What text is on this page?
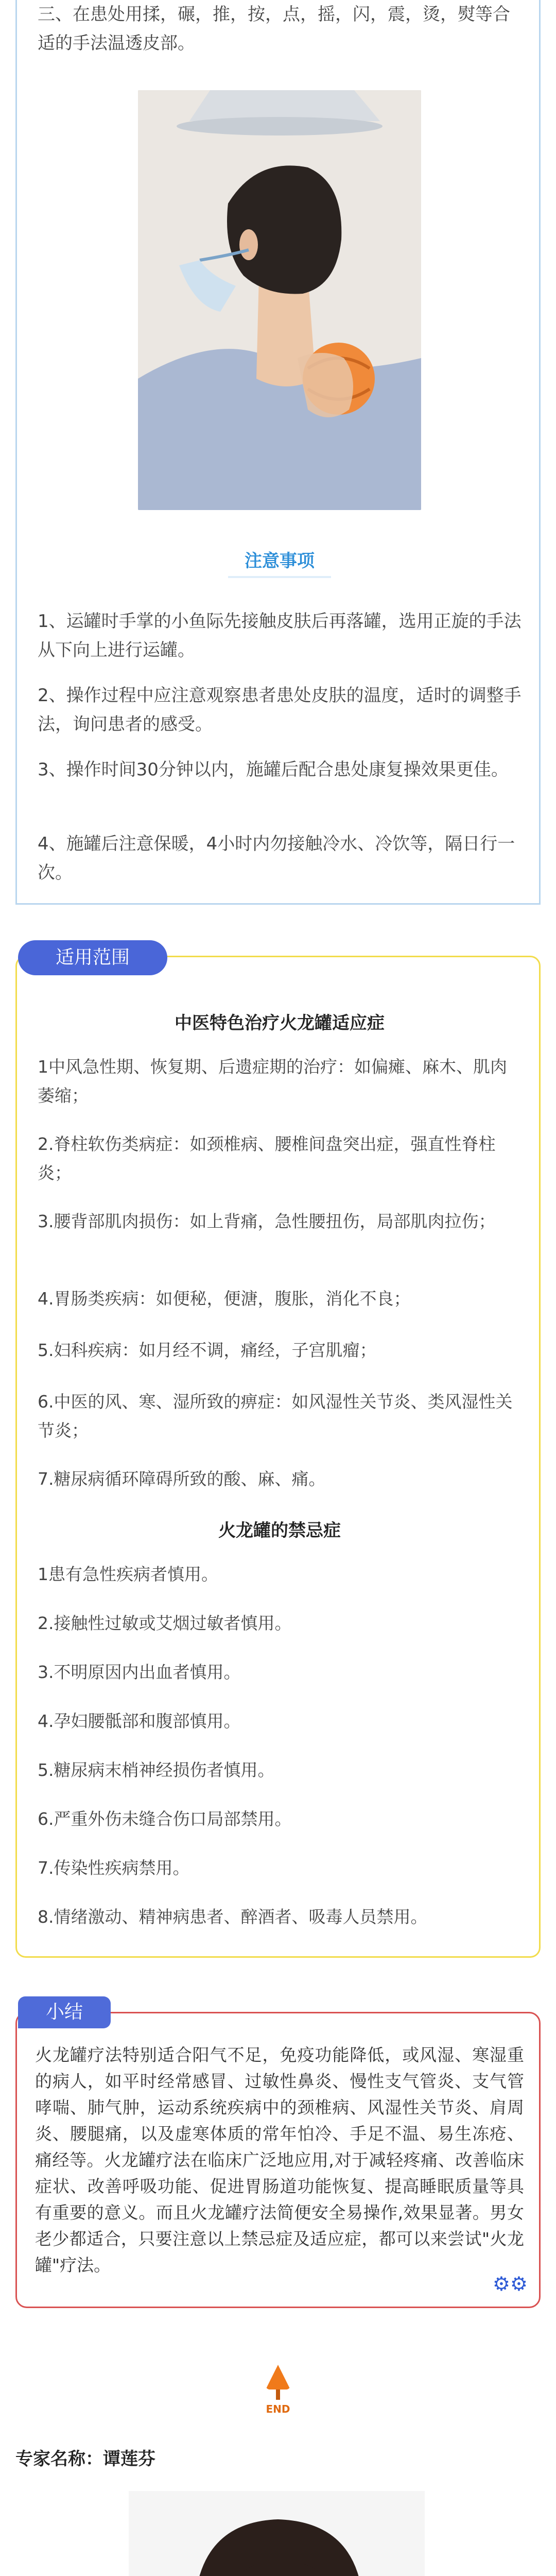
三、在患处用揉，碾，推，按，点，摇，闪，震，烫，熨等合适的手法温透皮部。
注意事项
1、运罐时手掌的小鱼际先接触皮肤后再落罐，选用正旋的手法从下向上进行运罐。
2、操作过程中应注意观察患者患处皮肤的温度，适时的调整手法，询问患者的感受。
3、操作时间30分钟以内，施罐后配合患处康复操效果更佳。
4、施罐后注意保暖，4小时内勿接触冷水、冷饮等，隔日行一次。
中医特色治疗火龙罐适应症
1中风急性期、恢复期、后遗症期的治疗：如偏瘫、麻木、肌肉萎缩；
2.脊柱软伤类病症：如颈椎病、腰椎间盘突出症，强直性脊柱炎；
3.腰背部肌肉损伤：如上背痛，急性腰扭伤，局部肌肉拉伤；
4.胃肠类疾病：如便秘，便溏，腹胀，消化不良；
5.妇科疾病：如月经不调，痛经，子宫肌瘤；
6.中医的风、寒、湿所致的痹症：如风湿性关节炎、类风湿性关节炎；
7.糖尿病循环障碍所致的酸、麻、痛。
火龙罐的禁忌症
1患有急性疾病者慎用。
2.接触性过敏或艾烟过敏者慎用。
3.不明原因内出血者慎用。
4.孕妇腰骶部和腹部慎用。
5.糖尿病末梢神经损伤者慎用。
6.严重外伤未缝合伤口局部禁用。
7.传染性疾病禁用。
8.情绪激动、精神病患者、醉酒者、吸毒人员禁用。
适用范围
火龙罐疗法特别适合阳气不足，免疫功能降低，或风湿、寒湿重的病人，如平时经常感冒、过敏性鼻炎、慢性支气管炎、支气管哮喘、肺气肿，运动系统疾病中的颈椎病、风湿性关节炎、肩周炎、腰腿痛，以及虚寒体质的常年怕冷、手足不温、易生冻疮、痛经等。火龙罐疗法在临床广泛地应用,对于减轻疼痛、改善临床症状、改善呼吸功能、促进胃肠道功能恢复、提高睡眠质量等具有重要的意义。而且火龙罐疗法简便安全易操作,效果显著。男女老少都适合，只要注意以上禁忌症及适应症，都可以来尝试"火龙罐"疗法。
⚙⚙
小结
END
专家名称：谭莲芬
